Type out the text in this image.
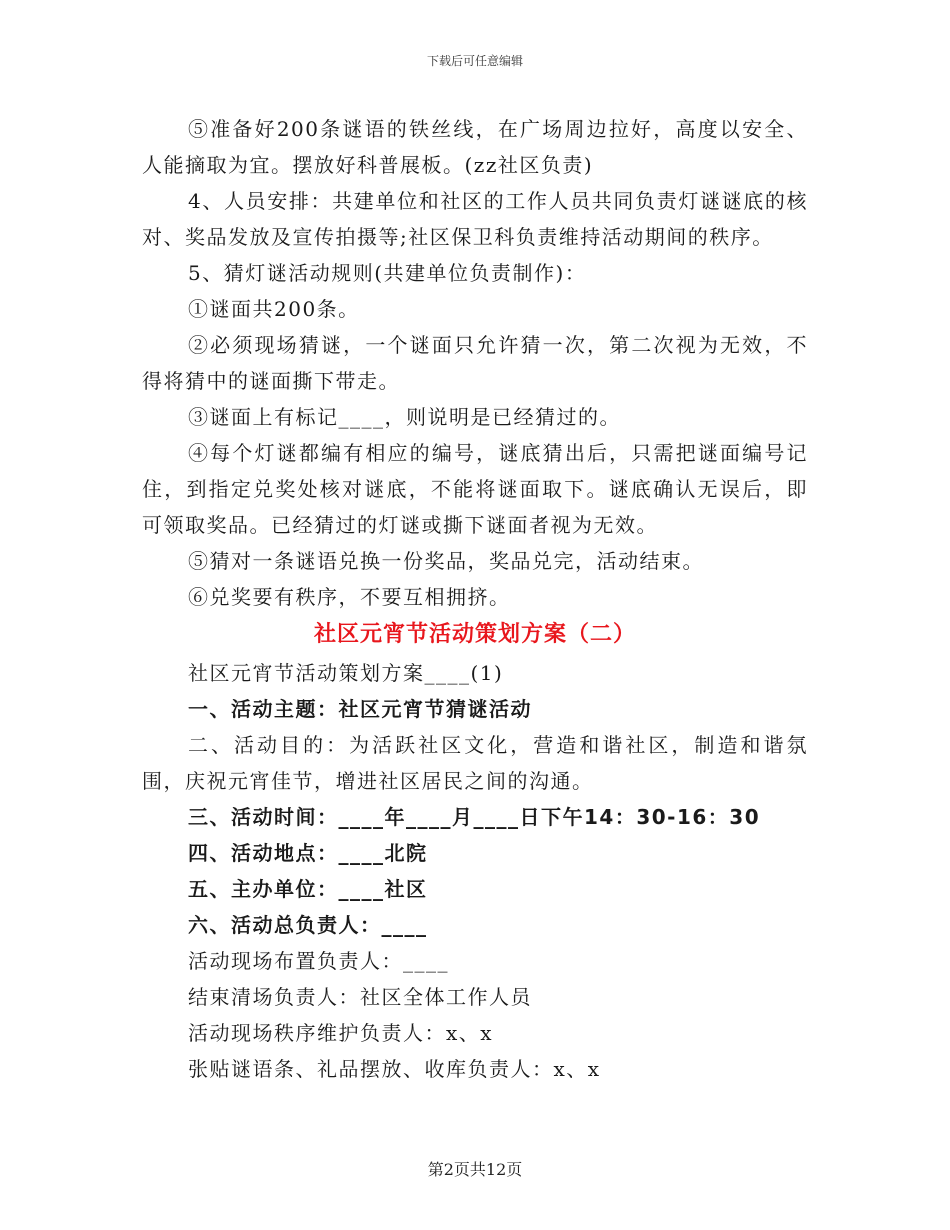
下载后可任意编辑

⑤准备好200条谜语的铁丝线，在广场周边拉好，高度以安全、人能摘取为宜。摆放好科普展板。(zz社区负责)

4、人员安排：共建单位和社区的工作人员共同负责灯谜谜底的核对、奖品发放及宣传拍摄等;社区保卫科负责维持活动期间的秩序。

5、猜灯谜活动规则(共建单位负责制作)：

①谜面共200条。

②必须现场猜谜，一个谜面只允许猜一次，第二次视为无效，不得将猜中的谜面撕下带走。

③谜面上有标记____，则说明是已经猜过的。

④每个灯谜都编有相应的编号，谜底猜出后，只需把谜面编号记住，到指定兑奖处核对谜底，不能将谜面取下。谜底确认无误后，即可领取奖品。已经猜过的灯谜或撕下谜面者视为无效。

⑤猜对一条谜语兑换一份奖品，奖品兑完，活动结束。

⑥兑奖要有秩序，不要互相拥挤。

社区元宵节活动策划方案（二）

社区元宵节活动策划方案____(1)

一、活动主题：社区元宵节猜谜活动

二、活动目的：为活跃社区文化，营造和谐社区，制造和谐氛围，庆祝元宵佳节，增进社区居民之间的沟通。

三、活动时间：____年____月____日下午14：30-16：30

四、活动地点：____北院

五、主办单位：____社区

六、活动总负责人：____

活动现场布置负责人：____

结束清场负责人：社区全体工作人员

活动现场秩序维护负责人：x、x

张贴谜语条、礼品摆放、收库负责人：x、x

第2页共12页
